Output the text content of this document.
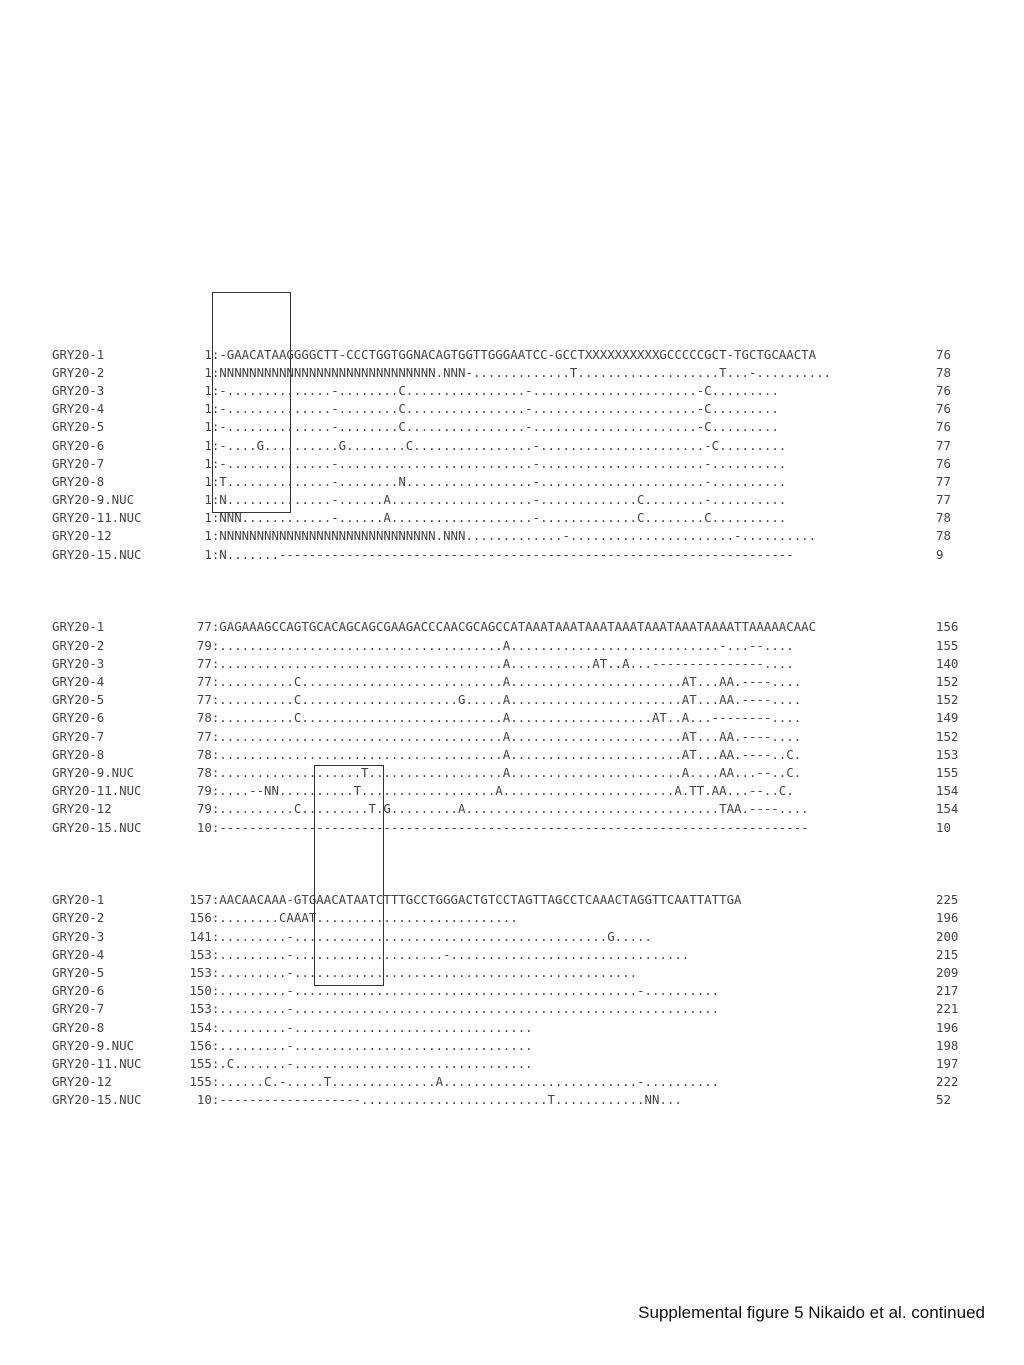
GRY20-1	1:-GAACATAAGGGGCTT-CCCTGGTGGNACAGTGGTTGGGAATCC-GCCTXXXXXXXXXXGCCCCCGCT-TGCTGCAACTA	76
GRY20-2	1:NNNNNNNNNNNNNNNNNNNNNNNNNNNNN.NNN-.............T...................T...-..........	78
GRY20-3	1:-..............-........C................-......................-C.........	76
GRY20-4	1:-..............-........C................-......................-C.........	76
GRY20-5	1:-..............-........C................-......................-C.........	76
GRY20-6	1:-....G..........G........C................-......................-C.........	77
GRY20-7	1:-..............-..........................-......................-..........	76
GRY20-8	1:T..............-........N.................-......................-..........	77
GRY20-9.NUC	1:N..............-......A...................-.............C........-..........	77
GRY20-11.NUC	1:NNN............-......A...................-.............C........C..........	78
GRY20-12	1:NNNNNNNNNNNNNNNNNNNNNNNNNNNNN.NNN.............-......................-..........	78
GRY20-15.NUC	1:N.......---------------------------------------------------------------------	9

GRY20-1	77:GAGAAAGCCAGTGCACAGCAGCGAAGACCCAACGCAGCCATAAATAAATAAATAAATAAATAAATAAAATTAAAAACAAC	156
GRY20-2	79:......................................A............................-...--....	155
GRY20-3	77:......................................A...........AT..A...---------------....	140
GRY20-4	77:..........C...........................A.......................AT...AA.----....	152
GRY20-5	77:..........C.....................G.....A.......................AT...AA.----....	152
GRY20-6	78:..........C...........................A...................AT..A...--------....	149
GRY20-7	77:......................................A.......................AT...AA.----....	152
GRY20-8	78:......................................A.......................AT...AA.----..C.	153
GRY20-9.NUC	78:...................T..................A.......................A....AA...--..C.	155
GRY20-11.NUC	79:....--NN..........T..................A.......................A.TT.AA...--..C.	154
GRY20-12	79:..........C.........T.G.........A..................................TAA.----....	154
GRY20-15.NUC	10:-------------------------------------------------------------------------------	10

GRY20-1	157:AACAACAAA-GTGAACATAATCTTTGCCTGGGACTGTCCTAGTTAGCCTCAAACTAGGTTCAATTATTGA	225
GRY20-2	156:........CAAAT...........................	196
GRY20-3	141:.........-..........................................G.....	200
GRY20-4	153:.........-....................-................................	215
GRY20-5	153:.........-..............................................	209
GRY20-6	150:.........-..............................................-..........	217
GRY20-7	153:.........-.........................................................	221
GRY20-8	154:.........-................................	196
GRY20-9.NUC	156:.........-................................	198
GRY20-11.NUC	155:.C.......-................................	197
GRY20-12	155:......C.-.....T..............A..........................-..........	222
GRY20-15.NUC	10:-------------------.........................T............NN...	52

Supplemental figure 5 Nikaido et al. continued
